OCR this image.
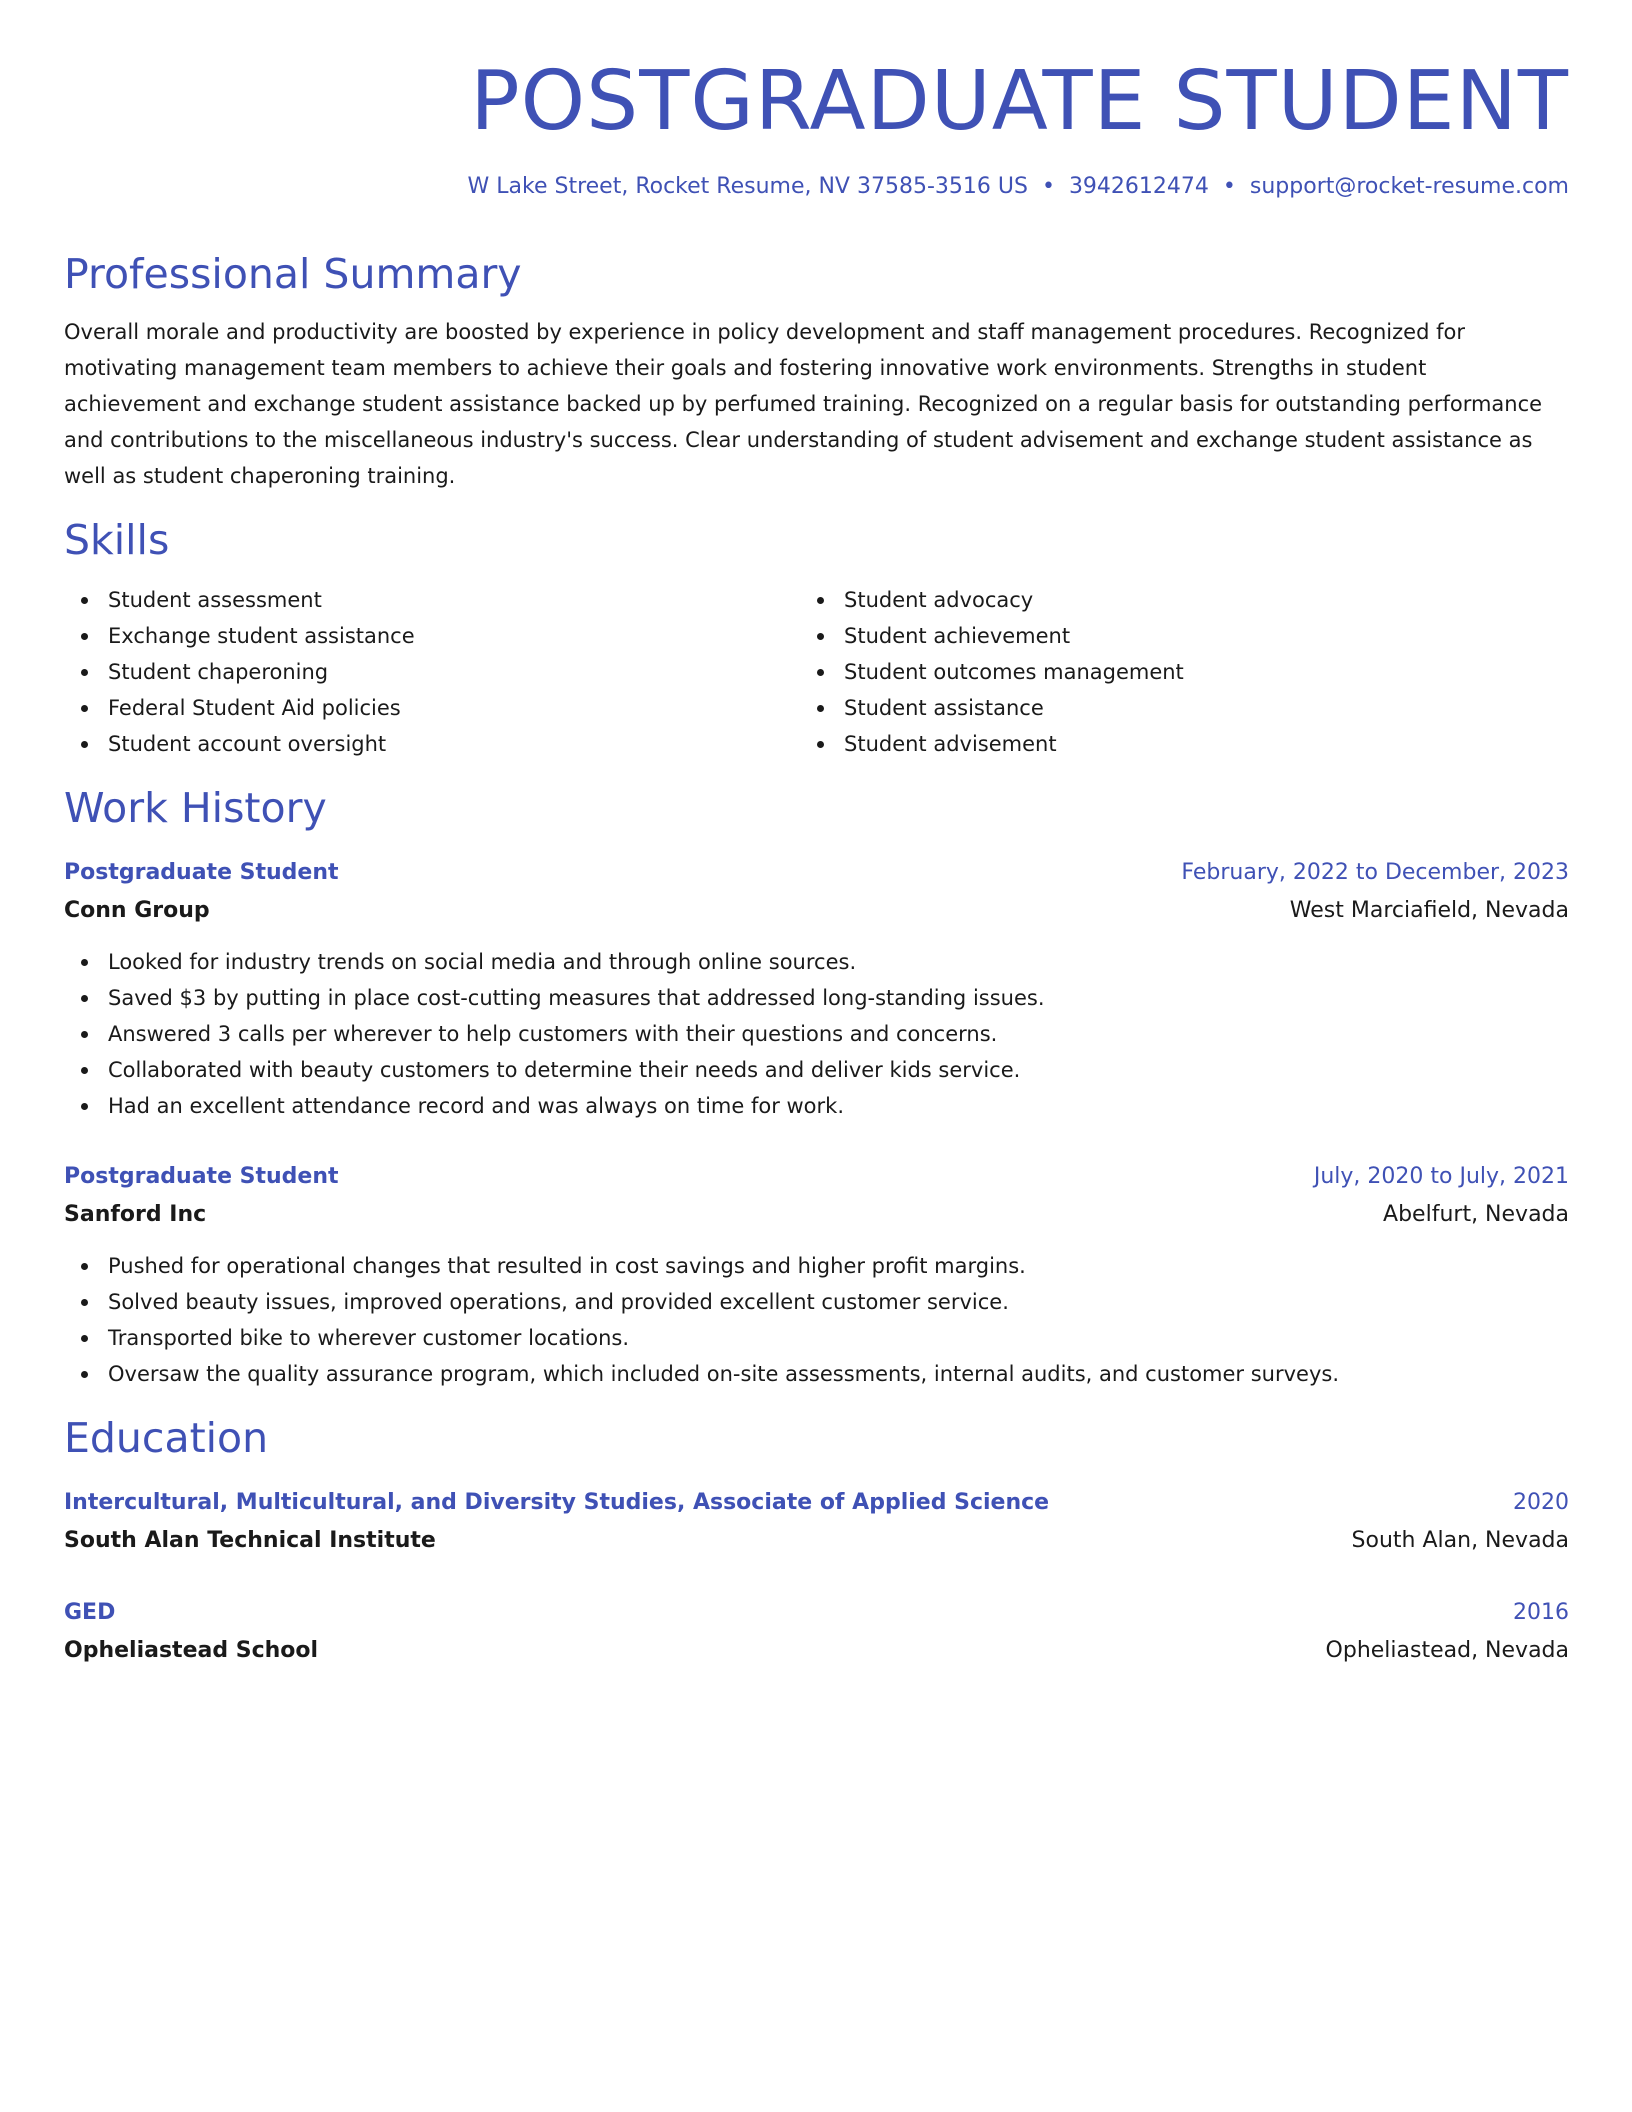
POSTGRADUATE STUDENT
W Lake Street, Rocket Resume, NV 37585-3516 US • 3942612474 • support@rocket-resume.com
Professional Summary
Overall morale and productivity are boosted by experience in policy development and staff management procedures. Recognized for motivating management team members to achieve their goals and fostering innovative work environments. Strengths in student achievement and exchange student assistance backed up by perfumed training. Recognized on a regular basis for outstanding performance and contributions to the miscellaneous industry's success. Clear understanding of student advisement and exchange student assistance as well as student chaperoning training.
Skills
Student assessment
Exchange student assistance
Student chaperoning
Federal Student Aid policies
Student account oversight
Student advocacy
Student achievement
Student outcomes management
Student assistance
Student advisement
Work History
Postgraduate Student	February, 2022 to December, 2023
Conn Group	West Marciafield, Nevada
Looked for industry trends on social media and through online sources.
Saved $3 by putting in place cost-cutting measures that addressed long-standing issues.
Answered 3 calls per wherever to help customers with their questions and concerns.
Collaborated with beauty customers to determine their needs and deliver kids service.
Had an excellent attendance record and was always on time for work.
Postgraduate Student	July, 2020 to July, 2021
Sanford Inc	Abelfurt, Nevada
Pushed for operational changes that resulted in cost savings and higher profit margins.
Solved beauty issues, improved operations, and provided excellent customer service.
Transported bike to wherever customer locations.
Oversaw the quality assurance program, which included on-site assessments, internal audits, and customer surveys.
Education
Intercultural, Multicultural, and Diversity Studies, Associate of Applied Science	2020
South Alan Technical Institute	South Alan, Nevada
GED	2016
Opheliastead School	Opheliastead, Nevada
